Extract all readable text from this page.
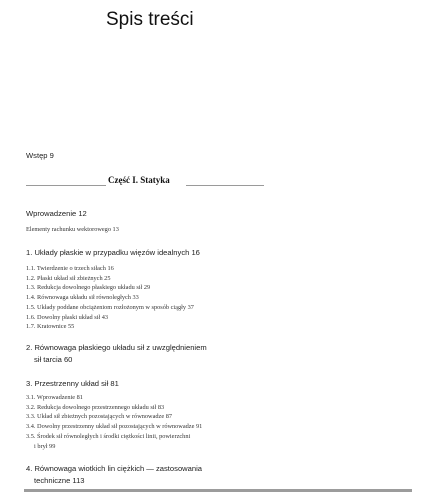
Spis treści
Wstęp 9
Część I. Statyka
Wprowadzenie 12
Elementy rachunku wektorowego 13
1. Układy płaskie w przypadku więzów idealnych 16
1.1. Twierdzenie o trzech siłach 16
1.2. Płaski układ sił zbieżnych 25
1.3. Redukcja dowolnego płaskiego układu sił 29
1.4. Równowaga układu sił równoległych 33
1.5. Układy poddane obciążeniom rozłożonym w sposób ciągły 37
1.6. Dowolny płaski układ sił 43
1.7. Kratownice 55
2. Równowaga płaskiego układu sił z uwzględnieniem
sił tarcia 60
3. Przestrzenny układ sił 81
3.1. Wprowadzenie 81
3.2. Redukcja dowolnego przestrzennego układu sił 83
3.3. Układ sił zbieżnych pozostających w równowadze 87
3.4. Dowolny przestrzenny układ sił pozostających w równowadze 91
3.5. Środek sił równoległych i środki ciężkości linii, powierzchni
i brył 99
4. Równowaga wiotkich lin ciężkich — zastosowania
techniczne 113
